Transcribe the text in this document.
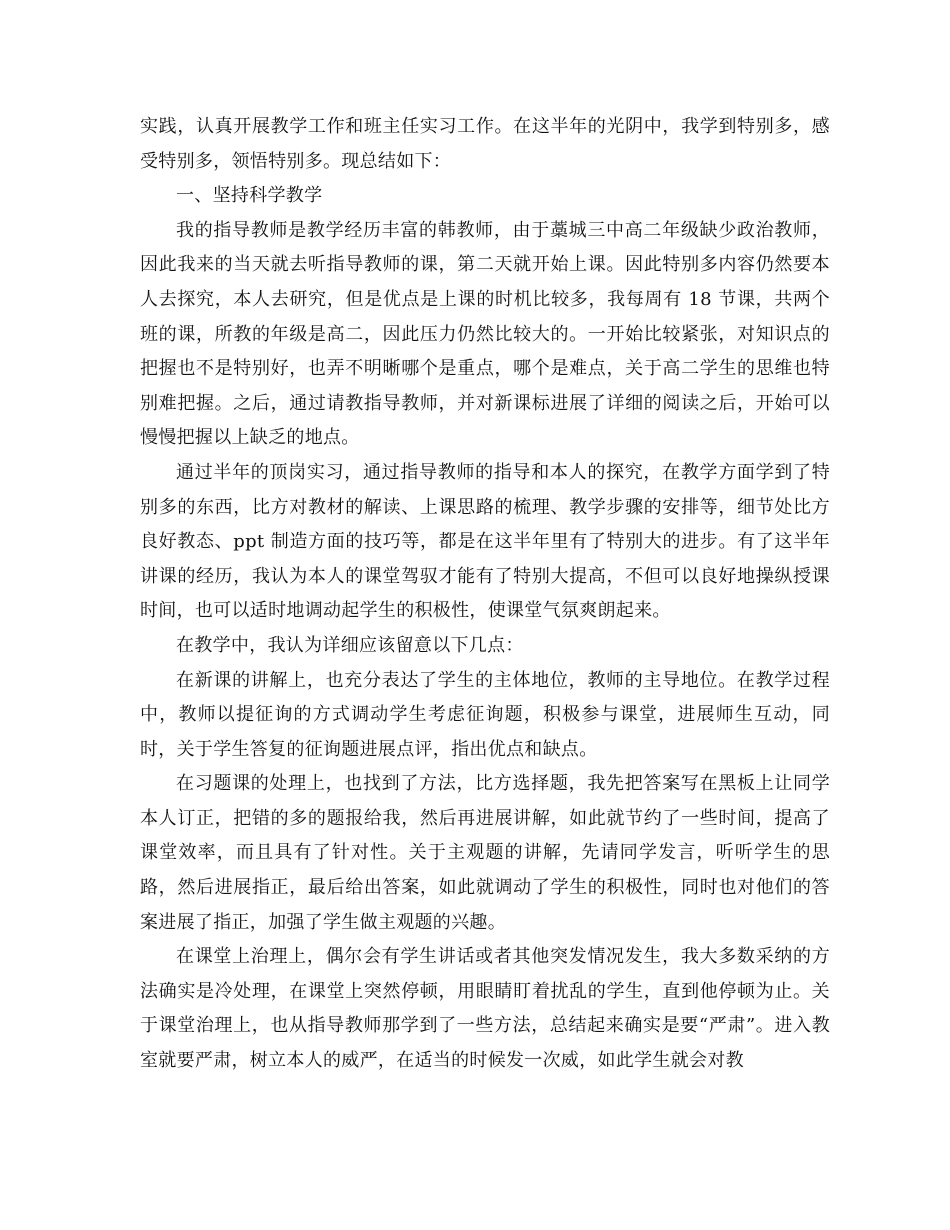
实践，认真开展教学工作和班主任实习工作。在这半年的光阴中，我学到特别多，感受特别多，领悟特别多。现总结如下：

一、坚持科学教学

我的指导教师是教学经历丰富的韩教师，由于藁城三中高二年级缺少政治教师，因此我来的当天就去听指导教师的课，第二天就开始上课。因此特别多内容仍然要本人去探究，本人去研究，但是优点是上课的时机比较多，我每周有 18 节课，共两个班的课，所教的年级是高二，因此压力仍然比较大的。一开始比较紧张，对知识点的把握也不是特别好，也弄不明晰哪个是重点，哪个是难点，关于高二学生的思维也特别难把握。之后，通过请教指导教师，并对新课标进展了详细的阅读之后，开始可以慢慢把握以上缺乏的地点。

通过半年的顶岗实习，通过指导教师的指导和本人的探究，在教学方面学到了特别多的东西，比方对教材的解读、上课思路的梳理、教学步骤的安排等，细节处比方良好教态、ppt 制造方面的技巧等，都是在这半年里有了特别大的进步。有了这半年讲课的经历，我认为本人的课堂驾驭才能有了特别大提高，不但可以良好地操纵授课时间，也可以适时地调动起学生的积极性，使课堂气氛爽朗起来。

在教学中，我认为详细应该留意以下几点：

在新课的讲解上，也充分表达了学生的主体地位，教师的主导地位。在教学过程中，教师以提征询的方式调动学生考虑征询题，积极参与课堂，进展师生互动，同时，关于学生答复的征询题进展点评，指出优点和缺点。

在习题课的处理上，也找到了方法，比方选择题，我先把答案写在黑板上让同学本人订正，把错的多的题报给我，然后再进展讲解，如此就节约了一些时间，提高了课堂效率，而且具有了针对性。关于主观题的讲解，先请同学发言，听听学生的思路，然后进展指正，最后给出答案，如此就调动了学生的积极性，同时也对他们的答案进展了指正，加强了学生做主观题的兴趣。

在课堂上治理上，偶尔会有学生讲话或者其他突发情况发生，我大多数采纳的方法确实是冷处理，在课堂上突然停顿，用眼睛盯着扰乱的学生，直到他停顿为止。关于课堂治理上，也从指导教师那学到了一些方法，总结起来确实是要“严肃”。进入教室就要严肃，树立本人的威严，在适当的时候发一次威，如此学生就会对教
